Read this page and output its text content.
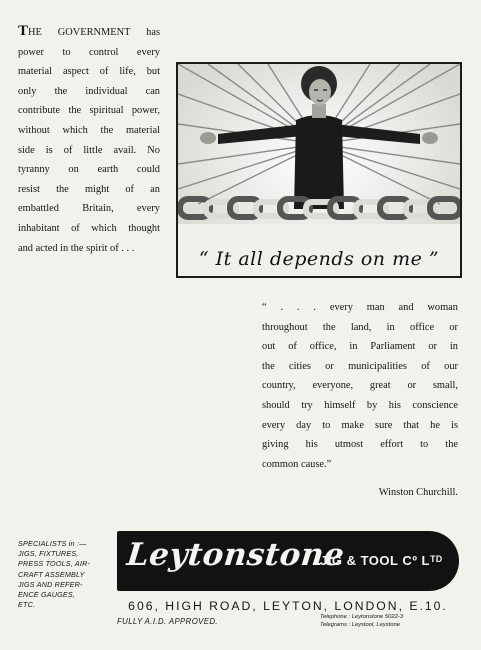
THE GOVERNMENT has
power to control every
material aspect of life, but
only the individual can
contribute the spiritual power,
without which the material
side is of little avail. No
tyranny on earth could
resist the might of an
embattled Britain, every
inhabitant of which thought
and acted in the spirit of . . .	“ It all depends on me ”
“ . . . every man and woman
throughout the land, in office or
out of office, in Parliament or in
the cities or municipalities of our
country, everyone, great or small,
should try himself by his conscience
every day to make sure that he is
giving his utmost effort to the
common cause.”
Winston Churchill.
SPECIALISTS in :—
JIGS, FIXTURES,
PRESS TOOLS, AIR-
CRAFT ASSEMBLY
JIGS AND REFER-
ENCE GAUGES,
ETC.
Leytonstone
JIG & TOOL Cº Lᵀᴰ
606, HIGH ROAD, LEYTON, LONDON, E.10.
FULLY A.I.D. APPROVED.	Telephone : Leytonstone 5022-3
Telegrams : Leystool, Leystone
